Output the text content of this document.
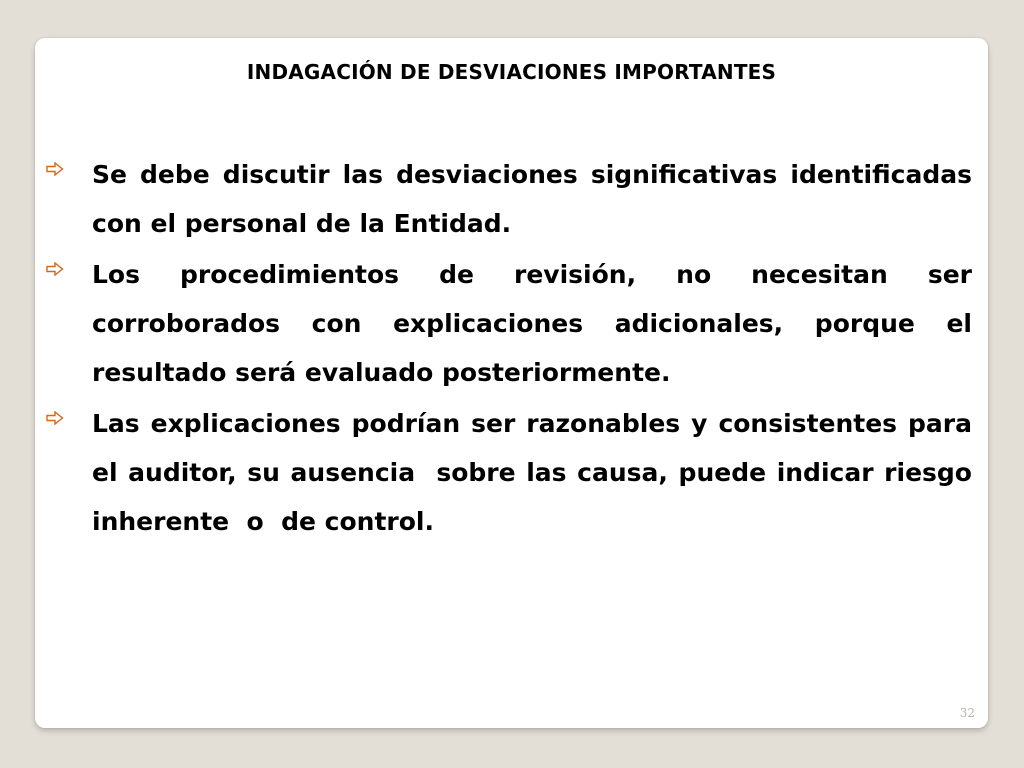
INDAGACIÓN DE DESVIACIONES IMPORTANTES
Se debe discutir las desviaciones significativas identificadas con el personal de la Entidad.
Los procedimientos de revisión, no necesitan ser corroborados con explicaciones adicionales, porque el resultado será evaluado posteriormente.
Las explicaciones podrían ser razonables y consistentes para el auditor, su ausencia  sobre las causa, puede indicar riesgo inherente  o  de control.
32
